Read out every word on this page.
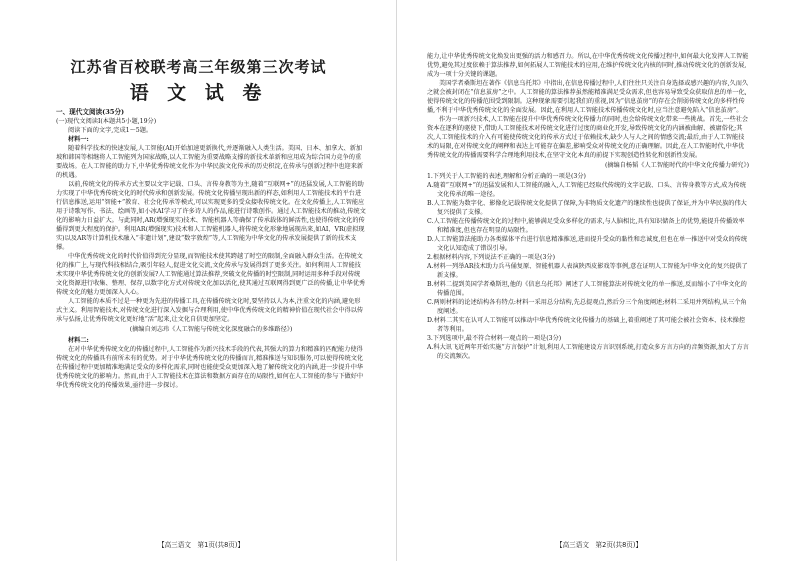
江苏省百校联考高三年级第三次考试
语 文 试 卷
一、现代文阅读(35分)
(一)现代文阅读Ⅰ(本题共5小题,19分)
阅读下面的文字,完成1～5题。
材料一:

随着科学技术的快速发展,人工智能(AI)开始加速更新换代,并逐渐融入人类生活。美国、日本、加拿大、新加坡和韩国等相继将人工智能列为国家战略,以人工智能为重要战略支撑的新技术革新和应用成为综合国力竞争的重要战场。在人工智能的助力下,中华优秀传统文化作为中华民族文化传承的历史积淀,在传承与创新过程中也迎来新的机遇。

以前,传统文化的传承方式主要以文字记载、口头、言传身教等为主,随着“互联网+”的迅猛发展,人工智能的助力实现了中华优秀传统文化的时代传承和创新发展。传统文化传播呈现出新的样态,如利用人工智能技术的平台进行信息推送,运用“智能+”教育、社会化传承等模式,可以实现更多的受众接收传统文化。在文化传播上,人工智能应用于诗歌写作、书法、绘画等,如小冰AI学习了许多诗人的作品,能进行诗歌创作。通过人工智能技术的推动,传统文化的影响力日益扩大。与此同时,AR(增强现实)技术、智能机器人等确保了传承载体的鲜活性,也使得传统文化的传播得到更大程度的保护。利用AR(增强现实)技术和人工智能机器人,将传统文化形象地展现出来,如AI、VR(虚拟现实)以及AR等计算机技术融入“非遗计划”,建设“数字敦煌”等,人工智能为中华文化的传承发展提供了新的技术支撑。

中华优秀传统文化的时代价值得到充分显现,而智能技术使其跨越了时空的限制,全面融入群众生活。在传统文化的推广上,与现代科技相结合,吸引年轻人,促进文化交流,文化传承与发展得到了更多关注。如何利用人工智能技术实现中华优秀传统文化的创新发展?人工智能通过算法推荐,突破文化传播的时空限制,同时运用多种手段对传统文化资源进行收集、整理、保存,以数字化方式对传统文化加以活化,使其通过互联网得到更广泛的传播,让中华优秀传统文化的魅力更加深入人心。

人工智能的本质不过是一种更为先进的传播工具,在传播传统文化时,要坚持以人为本,注重文化的内涵,避免形式主义。利用智能技术,对传统文化进行深入发掘与合理利用,使中华优秀传统文化的精神价值在现代社会中得以传承与弘扬,让优秀传统文化更好地“活”起来,让文化自信更加坚定。

(摘编自刘志玮《人工智能与传统文化深度融合的多维路径》)
材料二:

在对中华优秀传统文化的传播过程中,人工智能作为新兴技术手段的代表,其强大的算力和精准的匹配能力使得传统文化的传播具有前所未有的优势。对于中华优秀传统文化的传播而言,精准推送与知识服务,可以使得传统文化在传播过程中更加精准地满足受众的多样化需求,同时也能使受众更加深入地了解传统文化的内涵,进一步提升中华优秀传统文化的影响力。然而,由于人工智能技术在算法和数据方面存在的局限性,如何在人工智能的参与下做好中华优秀传统文化的传播效果,亟待进一步探讨。

【高三语文　第1页(共8页)】

能力,让中华优秀传统文化焕发出更强的活力和感召力。所以,在中华优秀传统文化传播过程中,如何最大化发挥人工智能优势,避免其过度依赖于算法推荐,如何拓展人工智能技术的应用,在维护传统文化内核的同时,推动传统文化的创新发展,成为一项十分关键的课题。

美国学者桑斯坦在著作《信息乌托邦》中指出,在信息传播过程中,人们往往只关注自身选择或感兴趣的内容,久而久之就会被封闭在“信息茧房”之中。人工智能的算法推荐虽然能精准满足受众需求,但也容易导致受众获取信息的单一化,使得传统文化的传播范围受到限制。这种现象需要引起我们的重视,因为“信息茧房”的存在会削弱传统文化的多样性传播,不利于中华优秀传统文化的全面发展。因此,在利用人工智能技术传播传统文化时,应当注意避免陷入“信息茧房”。

作为一项新兴技术,人工智能在提升中华优秀传统文化传播力的同时,也会给传统文化带来一些挑战。首先,一些社会资本在逐利的驱使下,借助人工智能技术对传统文化进行过度的商业化开发,导致传统文化的内涵被曲解、被庸俗化;其次,人工智能技术的介入有可能使传统文化的传承方式过于依赖技术,缺少人与人之间的情感交流;最后,由于人工智能技术的局限,在对传统文化的阐释和表达上可能存在偏差,影响受众对传统文化的正确理解。因此,在人工智能时代,中华优秀传统文化的传播需要科学合理地利用技术,在坚守文化本真的前提下实现创造性转化和创新性发展。

(摘编自杨韬《人工智能时代的中华文化传播力研究》)

1.下列关于人工智能的表述,理解和分析正确的一项是(3分)

A.随着“互联网+”的迅猛发展和人工智能的融入,人工智能已经取代传统的文字记载、口头、言传身教等方式,成为传统文化传承的唯一途径。

B.人工智能为数字化、影像化记载传统文化提供了保障,为非物质文化遗产的继续性也提供了保证,并为中华民族的伟大复兴提供了支撑。

C.人工智能在传播传统文化的过程中,能够满足受众多样化的需求,与人脑相比,具有知识储备上的优势,能提升传播效率和精准度,但也存在明显的局限性。

D.人工智能算法能助力各类媒体平台进行信息精准推送,进而提升受众的黏性和忠诚度,但也在单一推送中对受众的传统文化认知造成了错误引导。

2.根据材料内容,下列说法不正确的一项是(3分)

A.材料一列举AR技术助力兵马俑复原、智能机器人表演陕西皮影戏等事例,意在证明人工智能为中华文化的复兴提供了新支撑。

B.材料二提到美国学者桑斯坦,他的《信息乌托邦》阐述了人工智能算法对传统文化的单一推送,反而缩小了中华文化的传播范围。

C.两则材料的论述结构各有特点:材料一采用总分结构,先总提观点,然后分三个角度阐述;材料二采用并列结构,从三个角度阐述。

D.材料二其实在认可人工智能可以推动中华优秀传统文化传播力的基础上,着重阐述了其可能会被社会资本、技术操控者等利用。

3.下列选项中,最不符合材料一观点的一项是(3分)

A.科大讯飞近两年开始实施“方言保护”计划,利用人工智能建设方言识别系统,打造众多方言方向的音频资源,加大了方言的交流频次。

【高三语文　第2页(共8页)】
